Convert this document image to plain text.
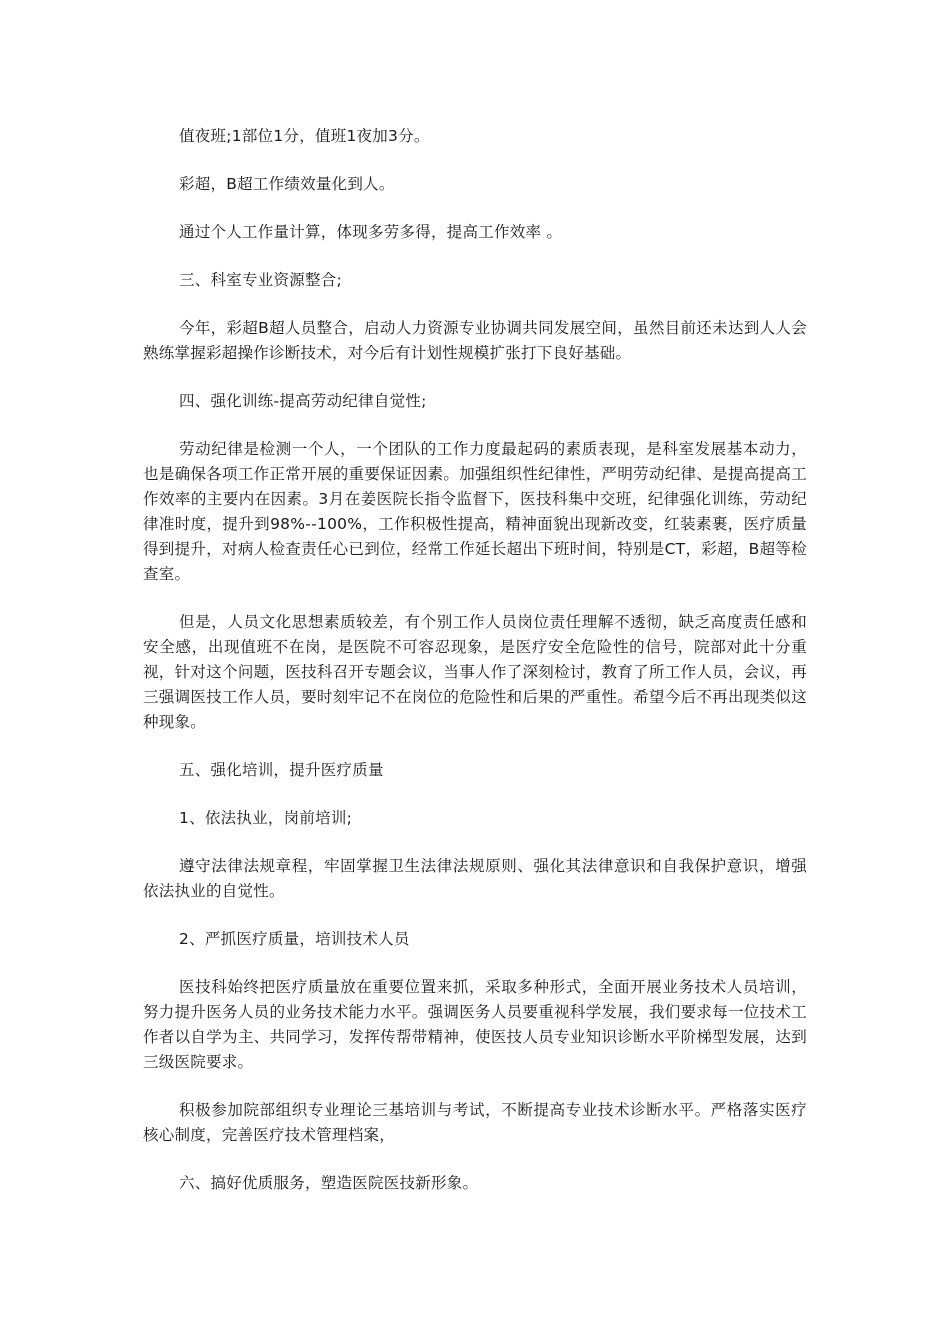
值夜班;1部位1分，值班1夜加3分。

彩超，B超工作绩效量化到人。

通过个人工作量计算，体现多劳多得，提高工作效率 。

三、科室专业资源整合;

今年，彩超B超人员整合，启动人力资源专业协调共同发展空间，虽然目前还未达到人人会熟练掌握彩超操作诊断技术，对今后有计划性规模扩张打下良好基础。

四、强化训练-提高劳动纪律自觉性;

劳动纪律是检测一个人，一个团队的工作力度最起码的素质表现，是科室发展基本动力，也是确保各项工作正常开展的重要保证因素。加强组织性纪律性，严明劳动纪律、是提高提高工作效率的主要内在因素。3月在姜医院长指令监督下，医技科集中交班，纪律强化训练，劳动纪律准时度，提升到98%--100%，工作积极性提高，精神面貌出现新改变，红装素裹，医疗质量得到提升，对病人检查责任心已到位，经常工作延长超出下班时间，特别是CT，彩超，B超等检查室。

但是，人员文化思想素质较差，有个别工作人员岗位责任理解不透彻，缺乏高度责任感和安全感，出现值班不在岗，是医院不可容忍现象，是医疗安全危险性的信号，院部对此十分重视，针对这个问题，医技科召开专题会议，当事人作了深刻检讨，教育了所工作人员，会议，再三强调医技工作人员，要时刻牢记不在岗位的危险性和后果的严重性。希望今后不再出现类似这种现象。

五、强化培训，提升医疗质量

1、依法执业，岗前培训;

遵守法律法规章程，牢固掌握卫生法律法规原则、强化其法律意识和自我保护意识，增强依法执业的自觉性。

2、严抓医疗质量，培训技术人员

医技科始终把医疗质量放在重要位置来抓，采取多种形式，全面开展业务技术人员培训，努力提升医务人员的业务技术能力水平。强调医务人员要重视科学发展，我们要求每一位技术工作者以自学为主、共同学习，发挥传帮带精神，使医技人员专业知识诊断水平阶梯型发展，达到三级医院要求。

积极参加院部组织专业理论三基培训与考试，不断提高专业技术诊断水平。严格落实医疗核心制度，完善医疗技术管理档案，

六、搞好优质服务，塑造医院医技新形象。
